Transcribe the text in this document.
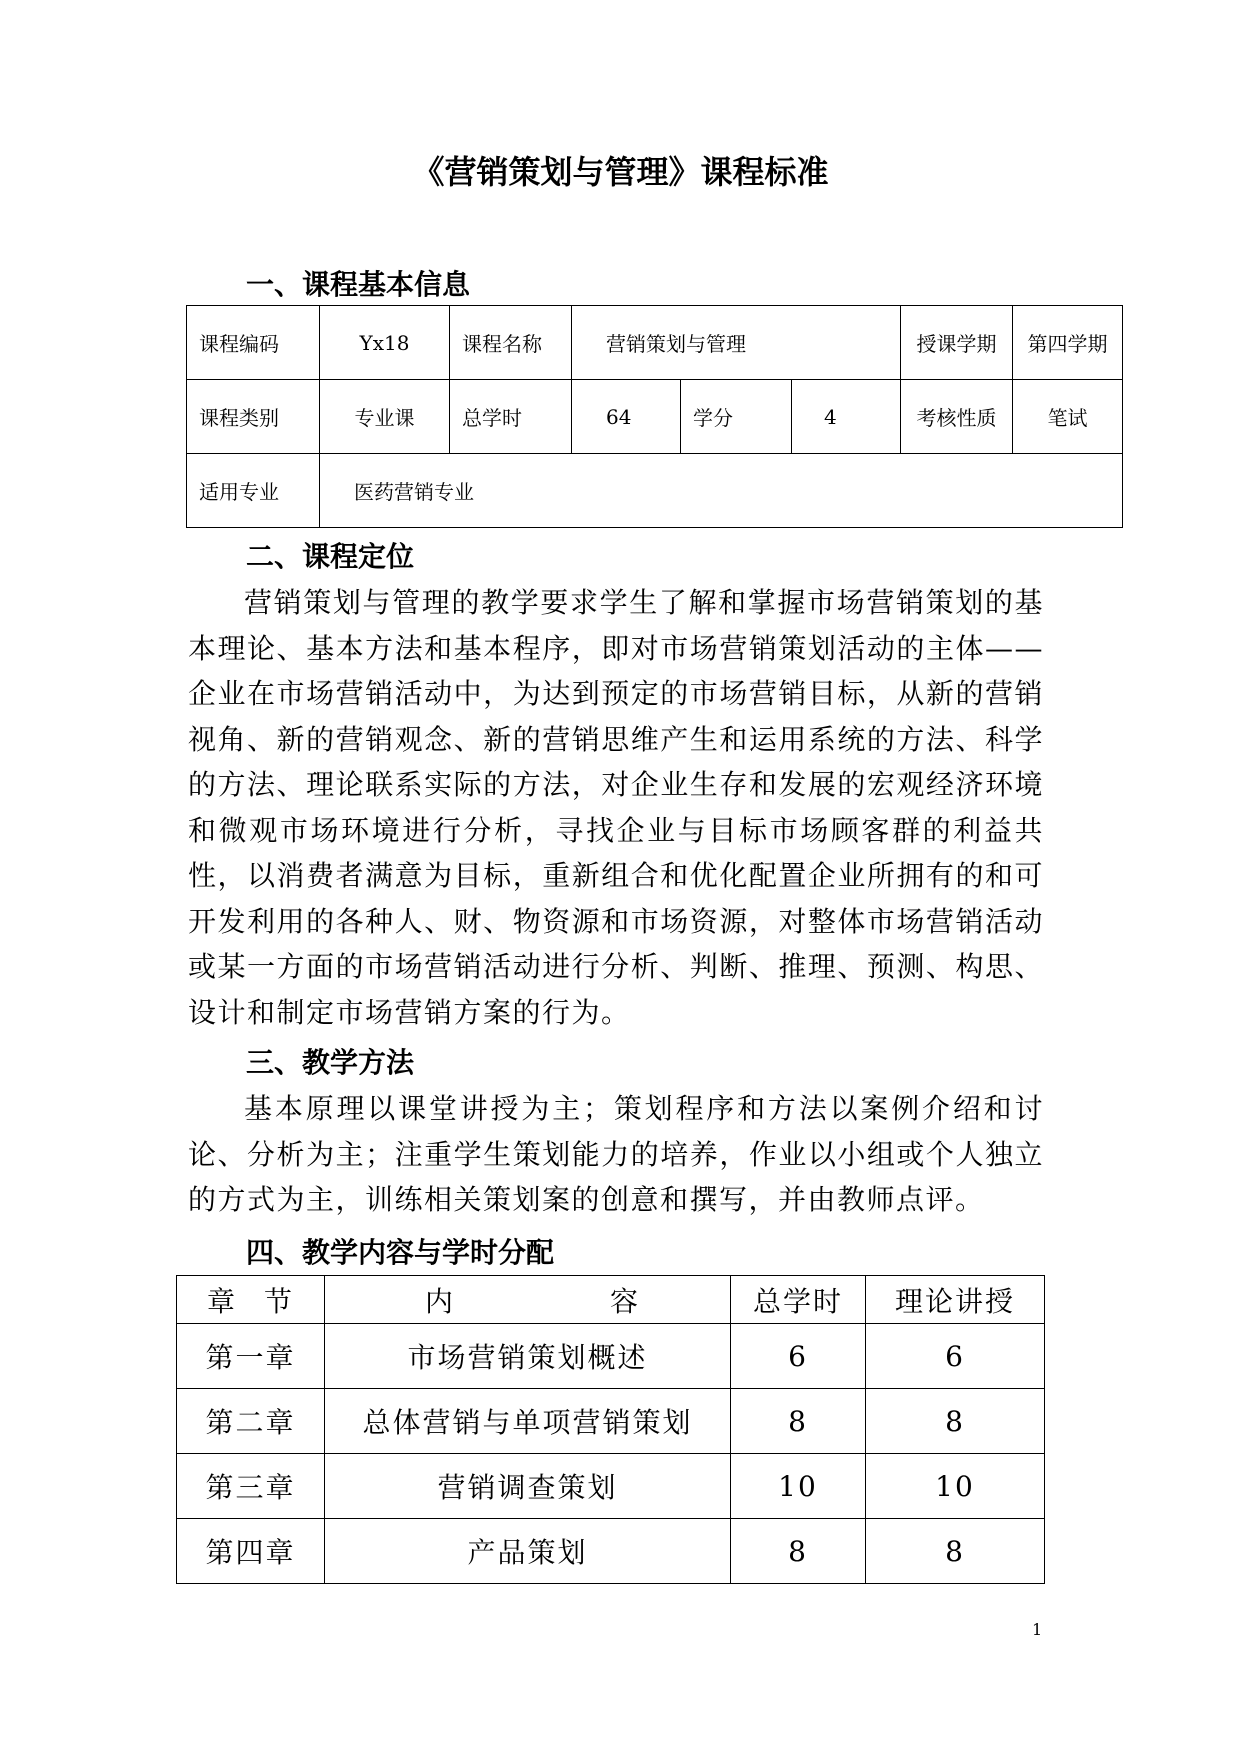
《营销策划与管理》课程标准
一、课程基本信息
课程编码	Yx18	课程名称	营销策划与管理			授课学期	第四学期
课程类别	专业课	总学时	64	学分	4	考核性质	笔试
适用专业	医药营销专业						
二、课程定位

营销策划与管理的教学要求学生了解和掌握市场营销策划的基本理论、基本方法和基本程序，即对市场营销策划活动的主体——企业在市场营销活动中，为达到预定的市场营销目标，从新的营销视角、新的营销观念、新的营销思维产生和运用系统的方法、科学的方法、理论联系实际的方法，对企业生存和发展的宏观经济环境和微观市场环境进行分析，寻找企业与目标市场顾客群的利益共性，以消费者满意为目标，重新组合和优化配置企业所拥有的和可开发利用的各种人、财、物资源和市场资源，对整体市场营销活动或某一方面的市场营销活动进行分析、判断、推理、预测、构思、设计和制定市场营销方案的行为。

三、教学方法

基本原理以课堂讲授为主；策划程序和方法以案例介绍和讨论、分析为主；注重学生策划能力的培养，作业以小组或个人独立的方式为主，训练相关策划案的创意和撰写，并由教师点评。

四、教学内容与学时分配
章 节	内 容	总学时	理论讲授
第一章	市场营销策划概述	6	6
第二章	总体营销与单项营销策划	8	8
第三章	营销调查策划	10	10
第四章	产品策划	8	8
1
